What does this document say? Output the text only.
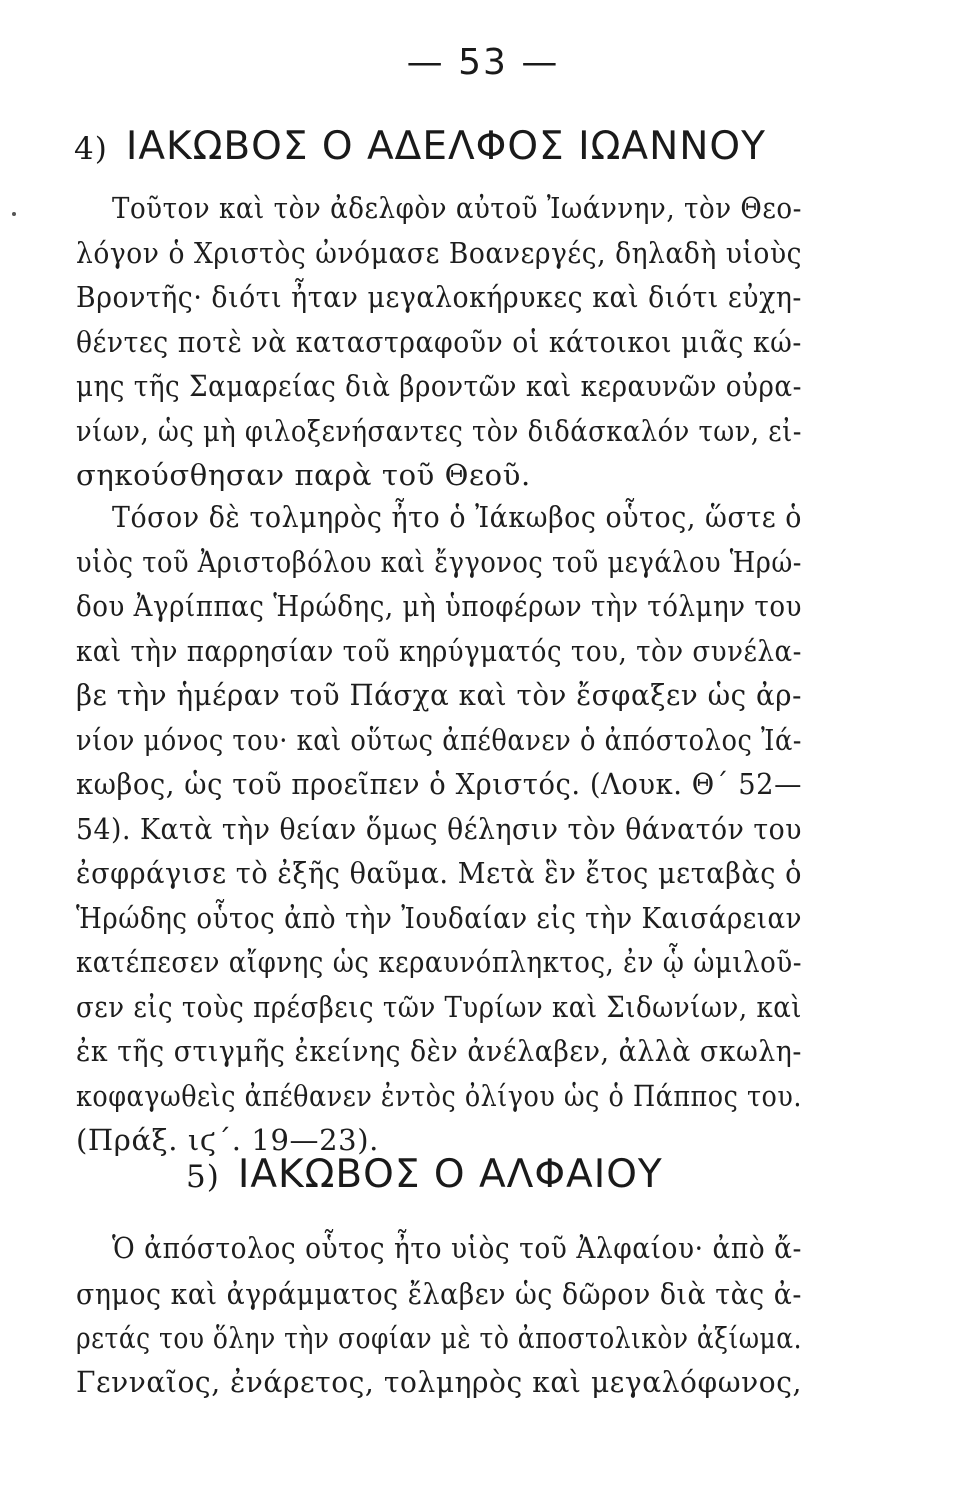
— 53 —
4) ΙΑΚΩΒΟΣ Ο ΑΔΕΛΦΟΣ ΙΩΑΝΝΟΥ
Τοῦτον καὶ τὸν ἀδελφὸν αὐτοῦ Ἰωάννην, τὸν Θεο-
λόγον ὁ Χριστὸς ὠνόμασε Βοανεργές, δηλαδὴ υἱοὺς
Βροντῆς· διότι ἦταν μεγαλοκήρυκες καὶ διότι εὐχη-
θέντες ποτὲ νὰ καταστραφοῦν οἱ κάτοικοι μιᾶς κώ-
μης τῆς Σαμαρείας διὰ βροντῶν καὶ κεραυνῶν οὐρα-
νίων, ὡς μὴ φιλοξενήσαντες τὸν διδάσκαλόν των, εἰ-
σηκούσθησαν παρὰ τοῦ Θεοῦ.
Τόσον δὲ τολμηρὸς ἦτο ὁ Ἰάκωβος οὗτος, ὥστε ὁ
υἱὸς τοῦ Ἀριστοβόλου καὶ ἔγγονος τοῦ μεγάλου Ἡρώ-
δου Ἀγρίππας Ἡρώδης, μὴ ὑποφέρων τὴν τόλμην του
καὶ τὴν παρρησίαν τοῦ κηρύγματός του, τὸν συνέλα-
βε τὴν ἡμέραν τοῦ Πάσχα καὶ τὸν ἔσφαξεν ὡς ἀρ-
νίον μόνος του· καὶ οὕτως ἀπέθανεν ὁ ἀπόστολος Ἰά-
κωβος, ὡς τοῦ προεῖπεν ὁ Χριστός. (Λουκ. Θ΄ 52—
54). Κατὰ τὴν θείαν ὅμως θέλησιν τὸν θάνατόν του
ἐσφράγισε τὸ ἐξῆς θαῦμα. Μετὰ ἓν ἔτος μεταβὰς ὁ
Ἡρώδης οὗτος ἀπὸ τὴν Ἰουδαίαν εἰς τὴν Καισάρειαν
κατέπεσεν αἴφνης ὡς κεραυνόπληκτος, ἐν ᾧ ὡμιλοῦ-
σεν εἰς τοὺς πρέσβεις τῶν Τυρίων καὶ Σιδωνίων, καὶ
ἐκ τῆς στιγμῆς ἐκείνης δὲν ἀνέλαβεν, ἀλλὰ σκωλη-
κοφαγωθεὶς ἀπέθανεν ἐντὸς ὀλίγου ὡς ὁ Πάππος του.
(Πράξ. ιϛ΄. 19—23).
5) ΙΑΚΩΒΟΣ Ο ΑΛΦΑΙΟΥ
Ὁ ἀπόστολος οὗτος ἦτο υἱὸς τοῦ Ἀλφαίου· ἀπὸ ἄ-
σημος καὶ ἀγράμματος ἔλαβεν ὡς δῶρον διὰ τὰς ἀ-
ρετάς του ὅλην τὴν σοφίαν μὲ τὸ ἀποστολικὸν ἀξίωμα.
Γενναῖος, ἐνάρετος, τολμηρὸς καὶ μεγαλόφωνος,
